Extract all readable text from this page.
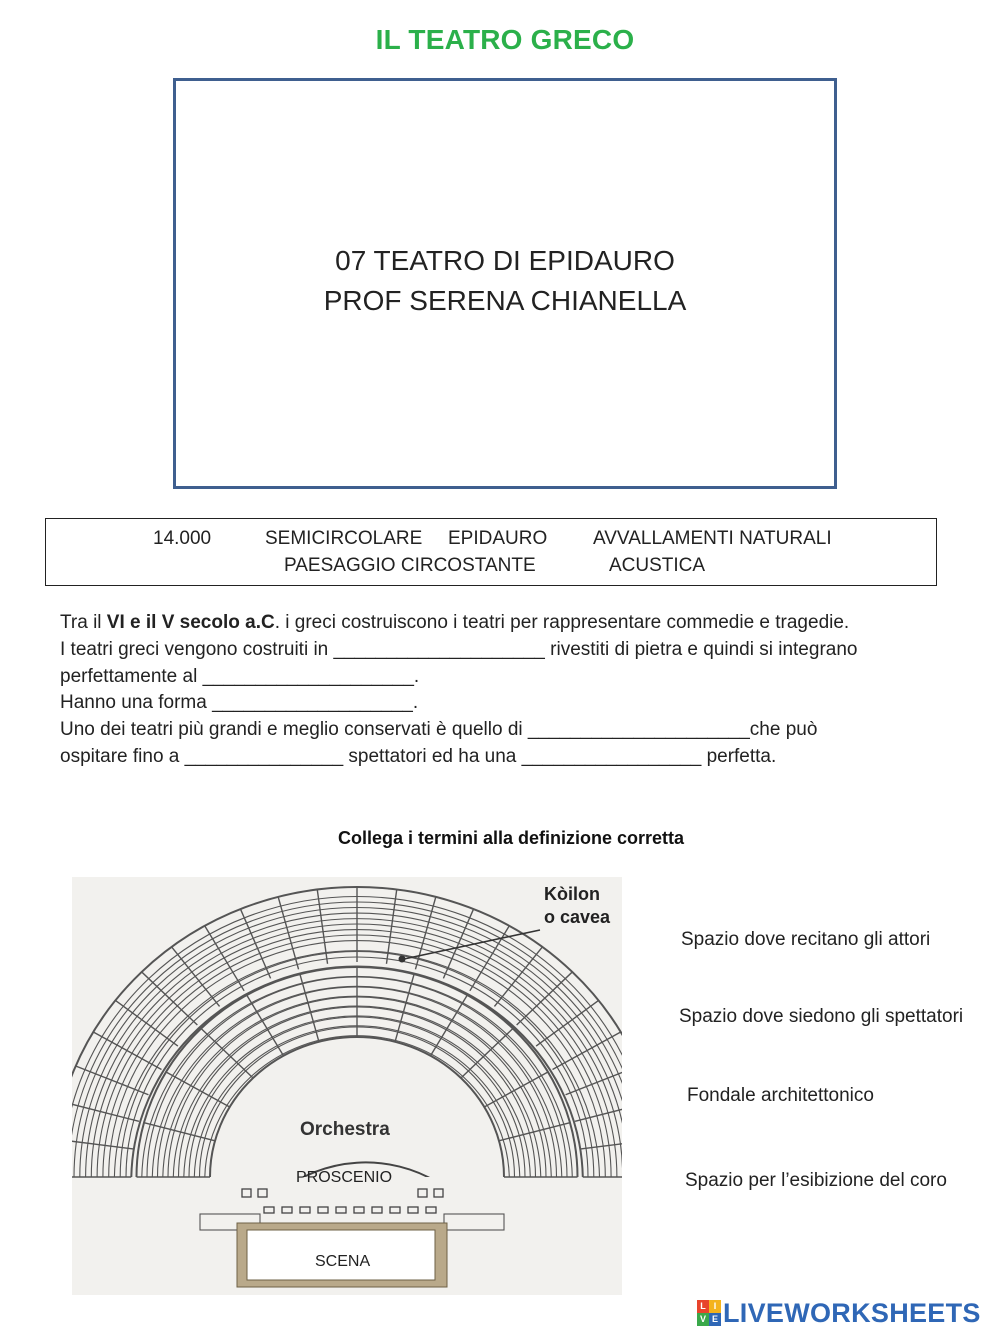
IL TEATRO GRECO
07 TEATRO DI EPIDAURO
PROF SERENA CHIANELLA
14.000	SEMICIRCOLARE EPIDAURO AVVALLAMENTI NATURALI
PAESAGGIO CIRCOSTANTE	ACUSTICA
Tra il VI e il V secolo a.C. i greci costruiscono i teatri per rappresentare commedie e tragedie.
I teatri greci vengono costruiti in ____________________ rivestiti di pietra e quindi si integrano
perfettamente al ____________________.
Hanno una forma ___________________.
Uno dei teatri più grandi e meglio conservati è quello di _____________________che può
ospitare fino a _______________ spettatori ed ha una _________________ perfetta.
Collega i termini alla definizione corretta
Kòilon
o cavea
Orchestra
PROSCENIO
SCENA
Spazio dove recitano gli attori
Spazio dove siedono gli spettatori
Fondale architettonico
Spazio per l’esibizione del coro
L I
V E LIVEWORKSHEETS
